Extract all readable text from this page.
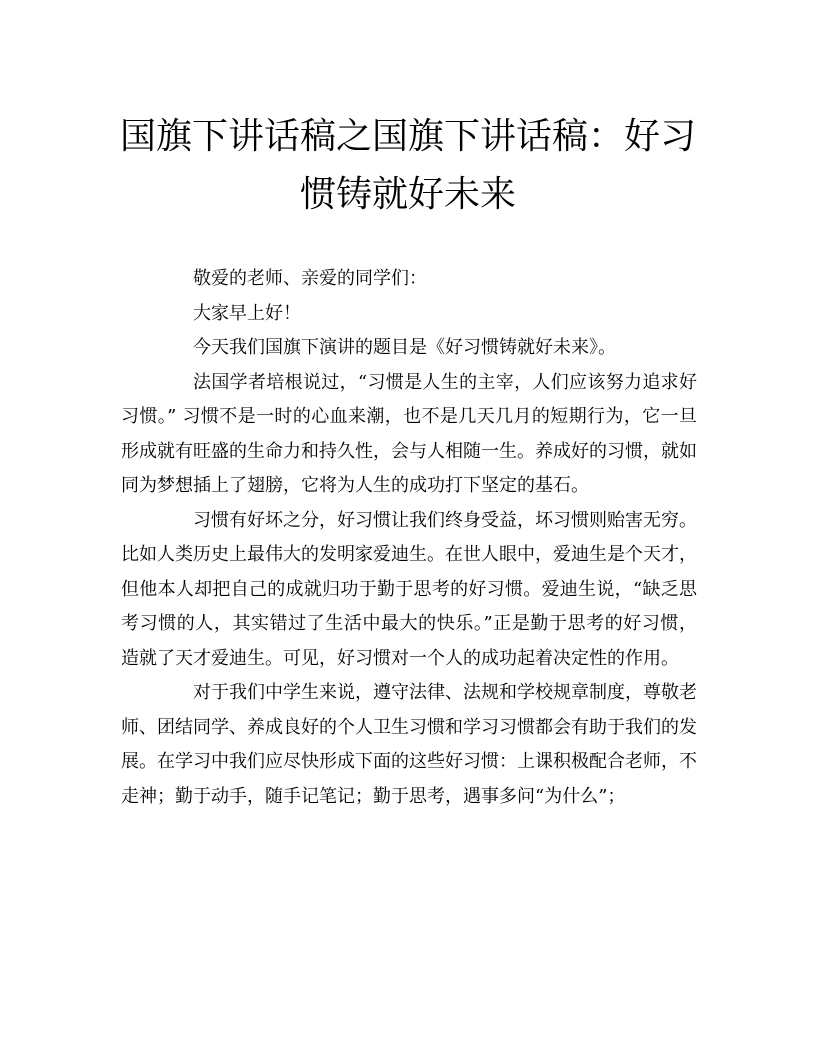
国旗下讲话稿之国旗下讲话稿：好习惯铸就好未来

敬爱的老师、亲爱的同学们：

大家早上好！

今天我们国旗下演讲的题目是《好习惯铸就好未来》。

法国学者培根说过，“习惯是人生的主宰，人们应该努力追求好习惯。” 习惯不是一时的心血来潮，也不是几天几月的短期行为，它一旦形成就有旺盛的生命力和持久性，会与人相随一生。养成好的习惯，就如同为梦想插上了翅膀，它将为人生的成功打下坚定的基石。

习惯有好坏之分，好习惯让我们终身受益，坏习惯则贻害无穷。比如人类历史上最伟大的发明家爱迪生。在世人眼中，爱迪生是个天才，但他本人却把自己的成就归功于勤于思考的好习惯。爱迪生说，“缺乏思考习惯的人，其实错过了生活中最大的快乐。”正是勤于思考的好习惯，造就了天才爱迪生。可见，好习惯对一个人的成功起着决定性的作用。

对于我们中学生来说，遵守法律、法规和学校规章制度，尊敬老师、团结同学、养成良好的个人卫生习惯和学习习惯都会有助于我们的发展。在学习中我们应尽快形成下面的这些好习惯：上课积极配合老师，不走神；勤于动手，随手记笔记；勤于思考，遇事多问“为什么”；
